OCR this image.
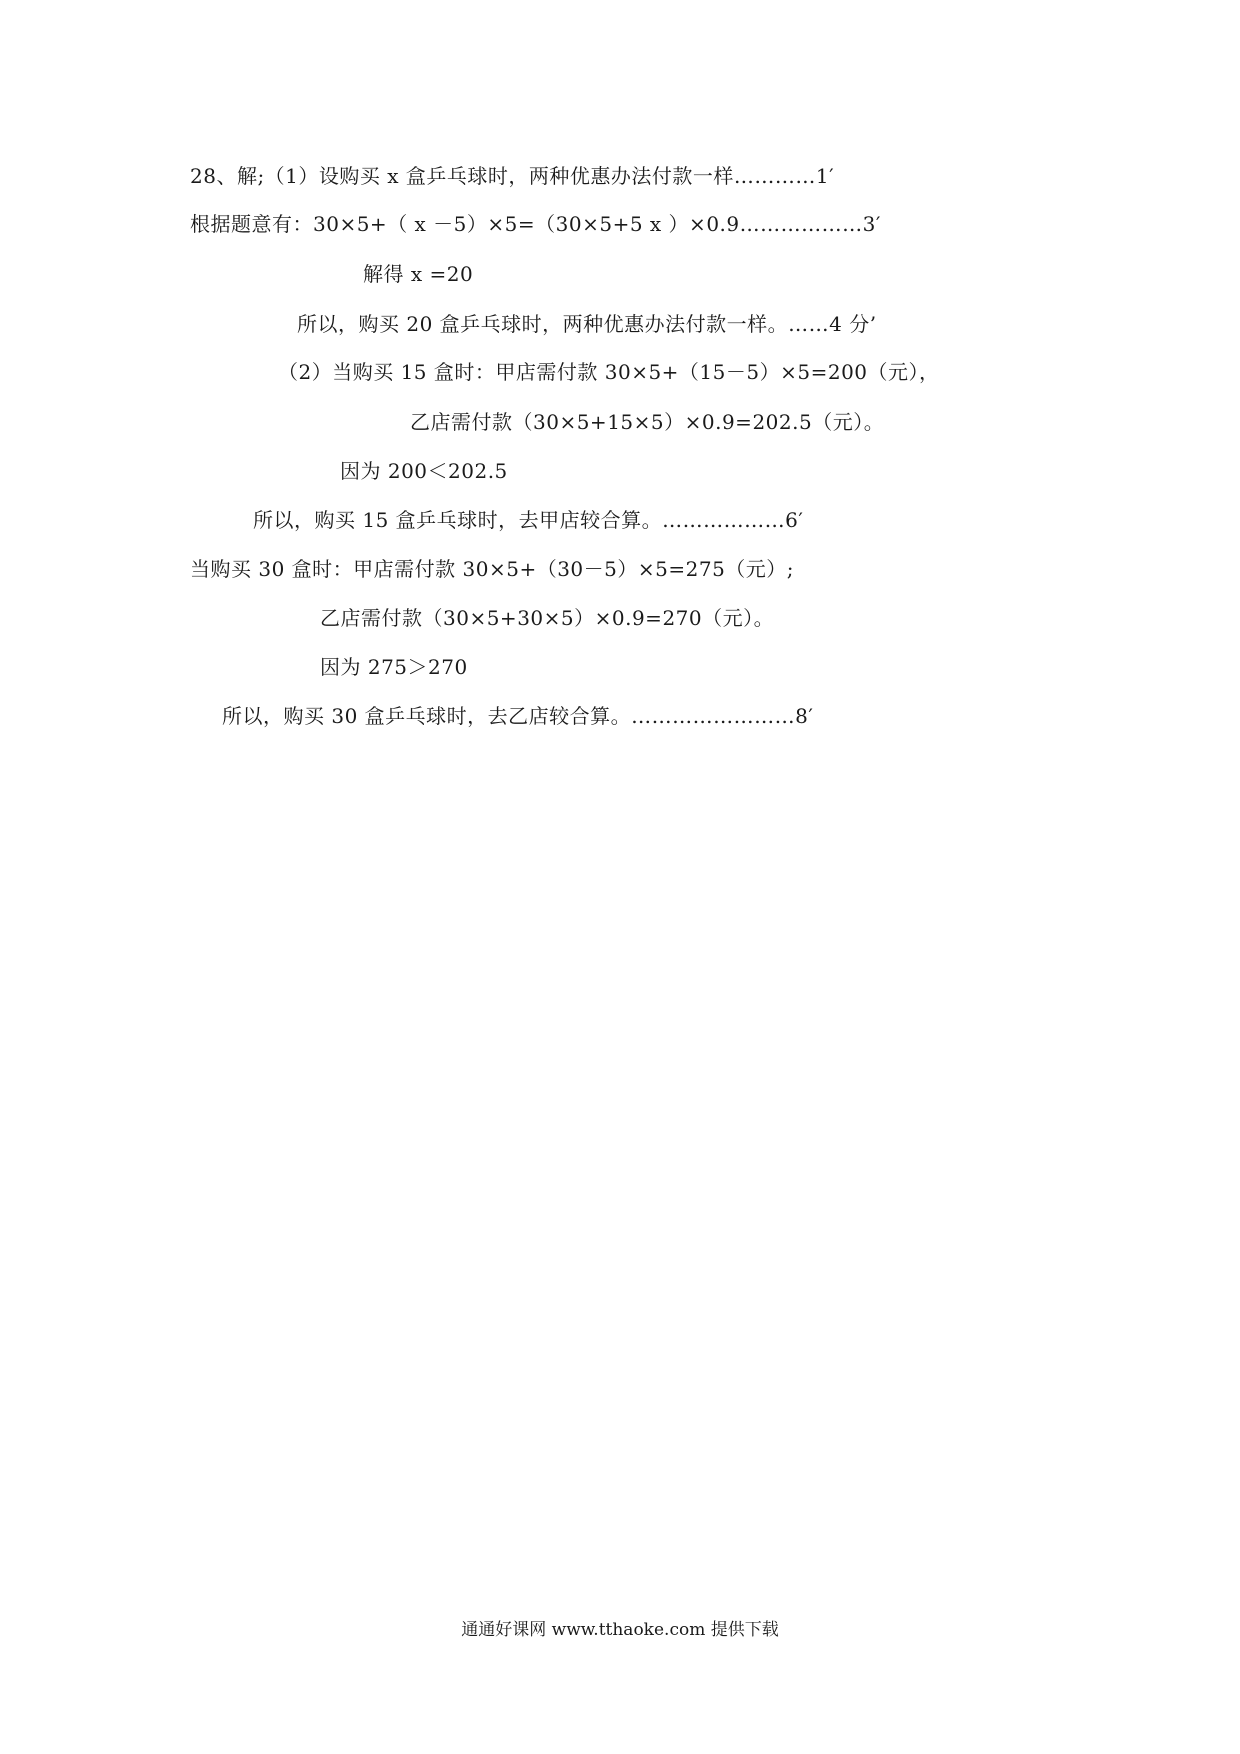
28、解;（1）设购买 x 盒乒乓球时，两种优惠办法付款一样…………1′
根据题意有：30×5+（ x －5）×5=（30×5+5 x ）×0.9………………3′
解得 x =20
所以，购买 20 盒乒乓球时，两种优惠办法付款一样。……4 分’
（2）当购买 15 盒时：甲店需付款 30×5+（15－5）×5=200（元），
乙店需付款（30×5+15×5）×0.9=202.5（元）。
因为 200＜202.5
所以，购买 15 盒乒乓球时，去甲店较合算。………………6′
当购买 30 盒时：甲店需付款 30×5+（30－5）×5=275（元）;
乙店需付款（30×5+30×5）×0.9=270（元）。
因为 275＞270
所以，购买 30 盒乒乓球时，去乙店较合算。……………………8′
通通好课网 www.tthaoke.com 提供下载
